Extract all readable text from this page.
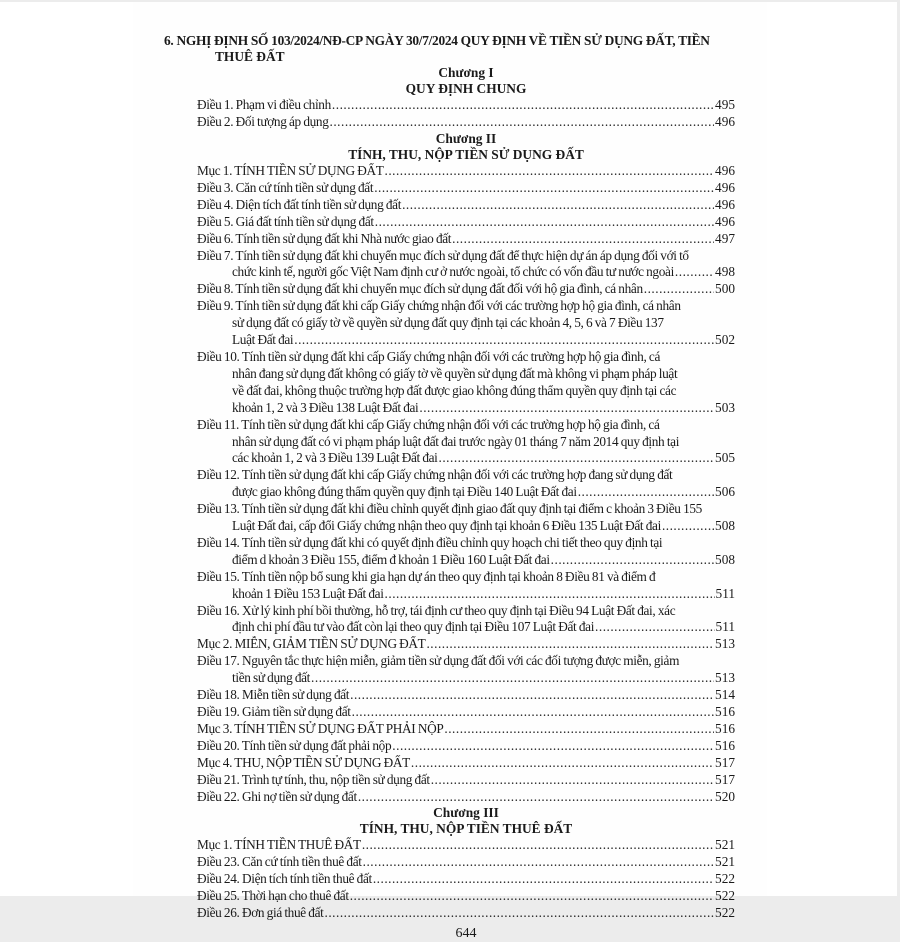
6. NGHỊ ĐỊNH SỐ 103/2024/NĐ-CP NGÀY 30/7/2024 QUY ĐỊNH VỀ TIỀN SỬ DỤNG ĐẤT, TIỀN
THUÊ ĐẤT
Chương I
QUY ĐỊNH CHUNG
Điều 1. Phạm vi điều chỉnh .....	495
Điều 2. Đối tượng áp dụng .....	496
Chương II
TÍNH, THU, NỘP TIỀN SỬ DỤNG ĐẤT
Mục 1. TÍNH TIỀN SỬ DỤNG ĐẤT .....	496
Điều 3. Căn cứ tính tiền sử dụng đất .....	496
Điều 4. Diện tích đất tính tiền sử dụng đất .....	496
Điều 5. Giá đất tính tiền sử dụng đất .....	496
Điều 6. Tính tiền sử dụng đất khi Nhà nước giao đất .....	497
Điều 7. Tính tiền sử dụng đất khi chuyển mục đích sử dụng đất để thực hiện dự án áp dụng đối với tổ
chức kinh tế, người gốc Việt Nam định cư ở nước ngoài, tổ chức có vốn đầu tư nước ngoài .....	498
Điều 8. Tính tiền sử dụng đất khi chuyển mục đích sử dụng đất đối với hộ gia đình, cá nhân .....	500
Điều 9. Tính tiền sử dụng đất khi cấp Giấy chứng nhận đối với các trường hợp hộ gia đình, cá nhân
sử dụng đất có giấy tờ về quyền sử dụng đất quy định tại các khoản 4, 5, 6 và 7 Điều 137
Luật Đất đai .....	502
Điều 10. Tính tiền sử dụng đất khi cấp Giấy chứng nhận đối với các trường hợp hộ gia đình, cá
nhân đang sử dụng đất không có giấy tờ về quyền sử dụng đất mà không vi phạm pháp luật
về đất đai, không thuộc trường hợp đất được giao không đúng thẩm quyền quy định tại các
khoản 1, 2 và 3 Điều 138 Luật Đất đai .....	503
Điều 11. Tính tiền sử dụng đất khi cấp Giấy chứng nhận đối với các trường hợp hộ gia đình, cá
nhân sử dụng đất có vi phạm pháp luật đất đai trước ngày 01 tháng 7 năm 2014 quy định tại
các khoản 1, 2 và 3 Điều 139 Luật Đất đai .....	505
Điều 12. Tính tiền sử dụng đất khi cấp Giấy chứng nhận đối với các trường hợp đang sử dụng đất
được giao không đúng thẩm quyền quy định tại Điều 140 Luật Đất đai .....	506
Điều 13. Tính tiền sử dụng đất khi điều chỉnh quyết định giao đất quy định tại điểm c khoản 3 Điều 155
Luật Đất đai, cấp đổi Giấy chứng nhận theo quy định tại khoản 6 Điều 135 Luật Đất đai .....	508
Điều 14. Tính tiền sử dụng đất khi có quyết định điều chỉnh quy hoạch chi tiết theo quy định tại
điểm d khoản 3 Điều 155, điểm đ khoản 1 Điều 160 Luật Đất đai .....	508
Điều 15. Tính tiền nộp bổ sung khi gia hạn dự án theo quy định tại khoản 8 Điều 81 và điểm đ
khoản 1 Điều 153 Luật Đất đai .....	511
Điều 16. Xử lý kinh phí bồi thường, hỗ trợ, tái định cư theo quy định tại Điều 94 Luật Đất đai, xác
định chi phí đầu tư vào đất còn lại theo quy định tại Điều 107 Luật Đất đai .....	511
Mục 2. MIỄN, GIẢM TIỀN SỬ DỤNG ĐẤT .....	513
Điều 17. Nguyên tắc thực hiện miễn, giảm tiền sử dụng đất đối với các đối tượng được miễn, giảm
tiền sử dụng đất .....	513
Điều 18. Miễn tiền sử dụng đất .....	514
Điều 19. Giảm tiền sử dụng đất .....	516
Mục 3. TÍNH TIỀN SỬ DỤNG ĐẤT PHẢI NỘP .....	516
Điều 20. Tính tiền sử dụng đất phải nộp .....	516
Mục 4. THU, NỘP TIỀN SỬ DỤNG ĐẤT .....	517
Điều 21. Trình tự tính, thu, nộp tiền sử dụng đất .....	517
Điều 22. Ghi nợ tiền sử dụng đất .....	520
Chương III
TÍNH, THU, NỘP TIỀN THUÊ ĐẤT
Mục 1. TÍNH TIỀN THUÊ ĐẤT .....	521
Điều 23. Căn cứ tính tiền thuê đất .....	521
Điều 24. Diện tích tính tiền thuê đất .....	522
Điều 25. Thời hạn cho thuê đất .....	522
Điều 26. Đơn giá thuê đất .....	522
644
